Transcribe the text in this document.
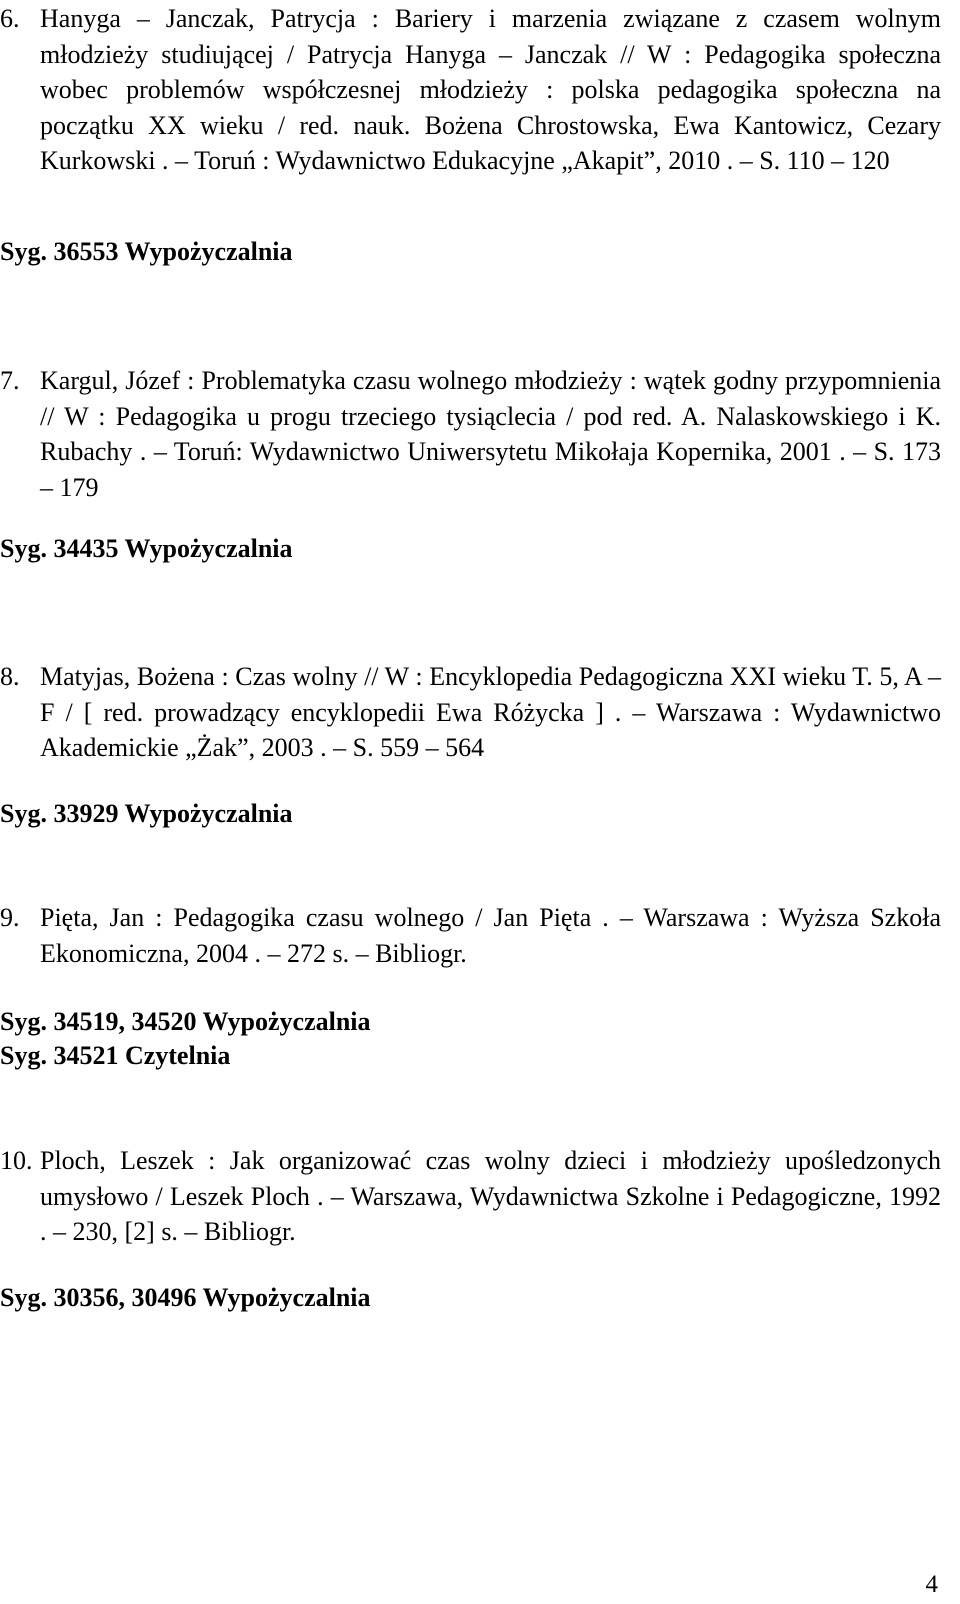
6. Hanyga – Janczak, Patrycja : Bariery i marzenia związane z czasem wolnym młodzieży studiującej / Patrycja Hanyga – Janczak // W : Pedagogika społeczna wobec problemów współczesnej młodzieży : polska pedagogika społeczna na początku XX wieku / red. nauk. Bożena Chrostowska, Ewa Kantowicz, Cezary Kurkowski . – Toruń : Wydawnictwo Edukacyjne „Akapit”, 2010 . – S. 110 – 120

Syg. 36553 Wypożyczalnia

7. Kargul, Józef : Problematyka czasu wolnego młodzieży : wątek godny przypomnienia // W : Pedagogika u progu trzeciego tysiąclecia / pod red. A. Nalaskowskiego i K. Rubachy . – Toruń: Wydawnictwo Uniwersytetu Mikołaja Kopernika, 2001 . – S. 173 – 179

Syg. 34435 Wypożyczalnia

8. Matyjas, Bożena : Czas wolny // W : Encyklopedia Pedagogiczna XXI wieku T. 5, A – F / [ red. prowadzący encyklopedii Ewa Różycka ] . – Warszawa : Wydawnictwo Akademickie „Żak”, 2003 . – S. 559 – 564

Syg. 33929 Wypożyczalnia

9. Pięta, Jan : Pedagogika czasu wolnego / Jan Pięta . – Warszawa : Wyższa Szkoła Ekonomiczna, 2004 . – 272 s. – Bibliogr.

Syg. 34519, 34520 Wypożyczalnia

Syg. 34521 Czytelnia

10. Ploch, Leszek : Jak organizować czas wolny dzieci i młodzieży upośledzonych umysłowo / Leszek Ploch . – Warszawa, Wydawnictwa Szkolne i Pedagogiczne, 1992 . – 230, [2] s. – Bibliogr.

Syg. 30356, 30496 Wypożyczalnia

4
